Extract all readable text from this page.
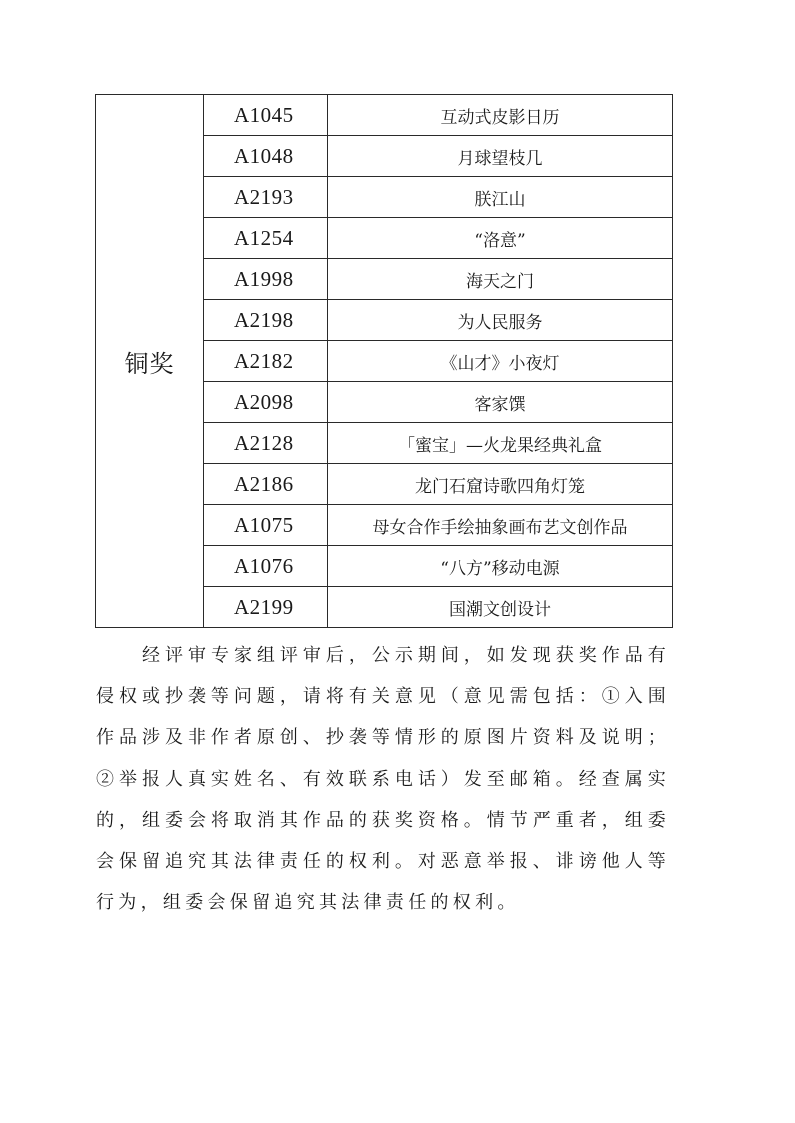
铜奖	A1045	互动式皮影日历
	A1048	月球望枝几
	A2193	朕江山
	A1254	“洛意”
	A1998	海天之门
	A2198	为人民服务
	A2182	《山才》小夜灯
	A2098	客家馔
	A2128	「蜜宝」—火龙果经典礼盒
	A2186	龙门石窟诗歌四角灯笼
	A1075	母女合作手绘抽象画布艺文创作品
	A1076	“八方”移动电源
	A2199	国潮文创设计

经评审专家组评审后，公示期间，如发现获奖作品有侵权或抄袭等问题，请将有关意见（意见需包括：①入围作品涉及非作者原创、抄袭等情形的原图片资料及说明；②举报人真实姓名、有效联系电话）发至邮箱。经查属实的，组委会将取消其作品的获奖资格。情节严重者，组委会保留追究其法律责任的权利。对恶意举报、诽谤他人等行为，组委会保留追究其法律责任的权利。
